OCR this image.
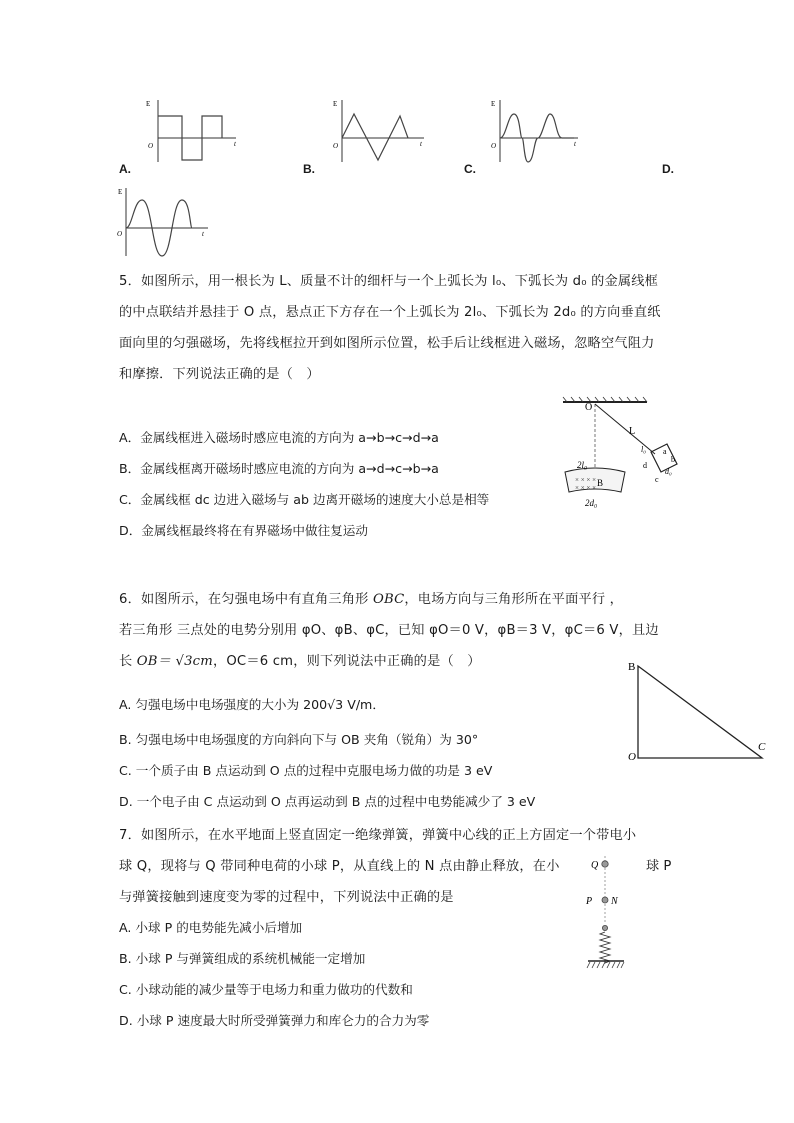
E
O	t
A.
E
O	t
B.
E
O	t
C.	D.
E
O	t
5．如图所示，用一根长为 L、质量不计的细杆与一个上弧长为 l₀、下弧长为 d₀ 的金属线框
的中点联结并悬挂于 O 点，悬点正下方存在一个上弧长为 2l₀、下弧长为 2d₀ 的方向垂直纸
面向里的匀强磁场，先将线框拉开到如图所示位置，松手后让线框进入磁场，忽略空气阻力
和摩擦．下列说法正确的是（　）
A．金属线框进入磁场时感应电流的方向为 a→b→c→d→a
B．金属线框离开磁场时感应电流的方向为 a→d→c→b→a
C．金属线框 dc 边进入磁场与 ab 边离开磁场的速度大小总是相等
D．金属线框最终将在有界磁场中做往复运动
× × × ×
× × × ×
O
L
l₀ a
b
c
d
d₀
2l₀
2d₀
B
6．如图所示，在匀强电场中有直角三角形 OBC，电场方向与三角形所在平面平行 ，
若三角形 三点处的电势分别用 φO、φB、φC，已知 φO＝0 V，φB＝3 V，φC＝6 V，且边
长 OB＝ √3cm，OC＝6 cm，则下列说法中正确的是（　）
A. 匀强电场中电场强度的大小为 200√3 V/m．
B. 匀强电场中电场强度的方向斜向下与 OB 夹角（锐角）为 30°
C. 一个质子由 B 点运动到 O 点的过程中克服电场力做的功是 3 eV
D. 一个电子由 C 点运动到 O 点再运动到 B 点的过程中电势能减少了 3 eV
B
O
C
7．如图所示，在水平地面上竖直固定一绝缘弹簧，弹簧中心线的正上方固定一个带电小
球 Q，现将与 Q 带同种电荷的小球 P，从直线上的 N 点由静止释放，在小	球 P
与弹簧接触到速度变为零的过程中，下列说法中正确的是
A. 小球 P 的电势能先减小后增加
B. 小球 P 与弹簧组成的系统机械能一定增加
C. 小球动能的减少量等于电场力和重力做功的代数和
D. 小球 P 速度最大时所受弹簧弹力和库仑力的合力为零
Q
P N
